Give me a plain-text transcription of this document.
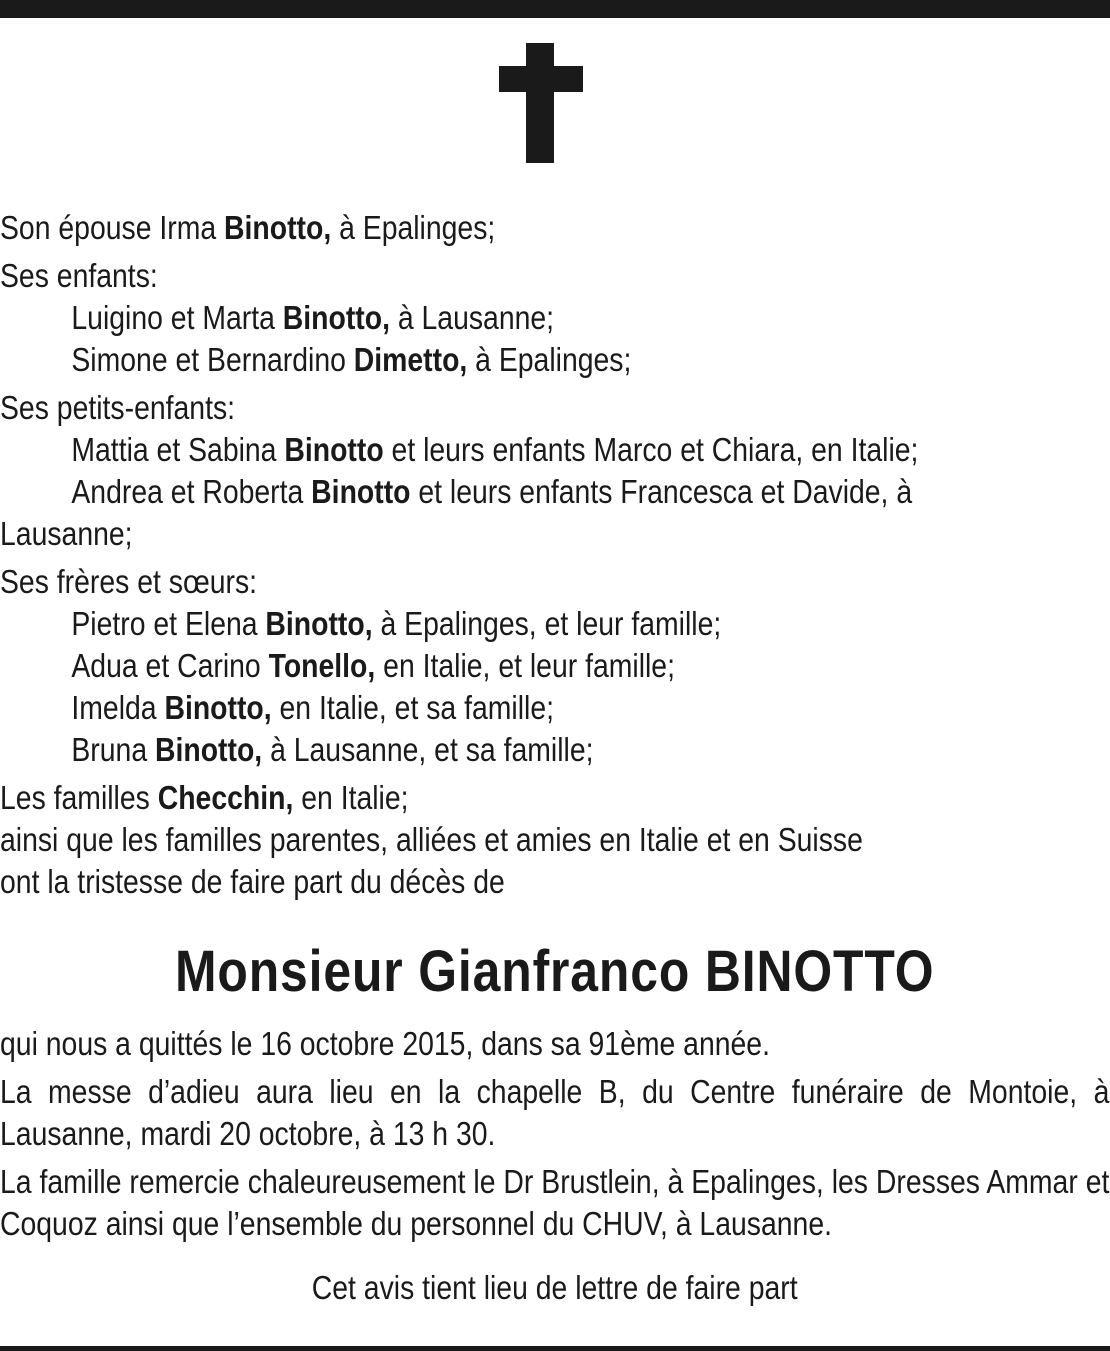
Son épouse Irma Binotto, à Epalinges;
Ses enfants:
Luigino et Marta Binotto, à Lausanne;
Simone et Bernardino Dimetto, à Epalinges;
Ses petits-enfants:
Mattia et Sabina Binotto et leurs enfants Marco et Chiara, en Italie;
Andrea et Roberta Binotto et leurs enfants Francesca et Davide, à
Lausanne;
Ses frères et sœurs:
Pietro et Elena Binotto, à Epalinges, et leur famille;
Adua et Carino Tonello, en Italie, et leur famille;
Imelda Binotto, en Italie, et sa famille;
Bruna Binotto, à Lausanne, et sa famille;
Les familles Checchin, en Italie;
ainsi que les familles parentes, alliées et amies en Italie et en Suisse
ont la tristesse de faire part du décès de
Monsieur Gianfranco BINOTTO
qui nous a quittés le 16 octobre 2015, dans sa 91ème année.
La messe d’adieu aura lieu en la chapelle B, du Centre funéraire de Montoie, à Lausanne, mardi 20 octobre, à 13 h 30.
La famille remercie chaleureusement le Dr Brustlein, à Epalinges, les Dresses Ammar et Coquoz ainsi que l’ensemble du personnel du CHUV, à Lausanne.
Cet avis tient lieu de lettre de faire part
